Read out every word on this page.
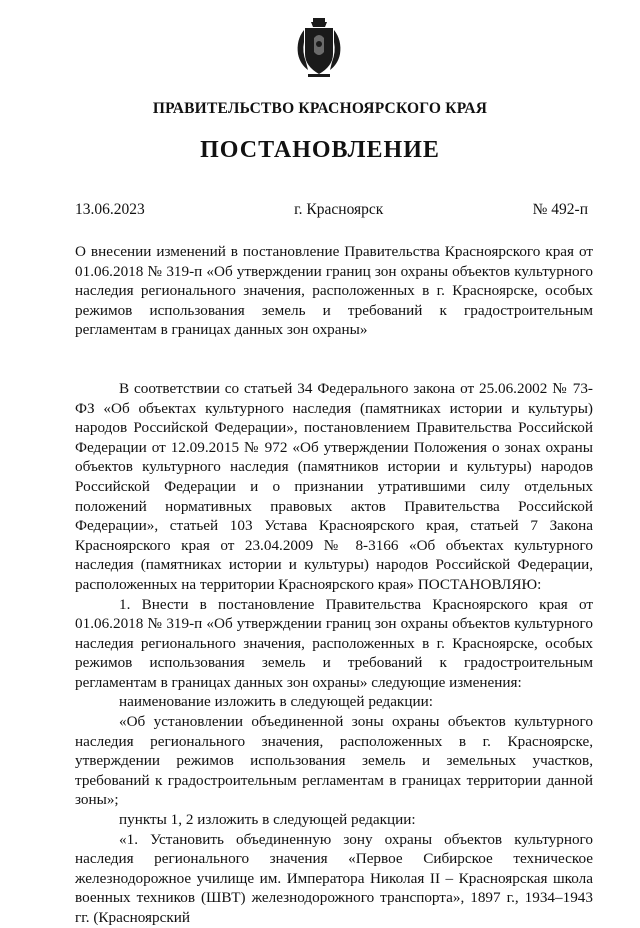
ПРАВИТЕЛЬСТВО КРАСНОЯРСКОГО КРАЯ
ПОСТАНОВЛЕНИЕ
13.06.2023	г. Красноярск	№ 492-п

О внесении изменений в постановление Правительства Красноярского края от 01.06.2018 № 319-п «Об утверждении границ зон охраны объектов культурного наследия регионального значения, расположенных в г. Красноярске, особых режимов использования земель и требований к градостроительным регламентам в границах данных зон охраны»

В соответствии со статьей 34 Федерального закона от 25.06.2002 № 73-ФЗ «Об объектах культурного наследия (памятниках истории и культуры) народов Российской Федерации», постановлением Правительства Российской Федерации от 12.09.2015 № 972 «Об утверждении Положения о зонах охраны объектов культурного наследия (памятников истории и культуры) народов Российской Федерации и о признании утратившими силу отдельных положений нормативных правовых актов Правительства Российской Федерации», статьей 103 Устава Красноярского края, статьей 7 Закона Красноярского края от 23.04.2009 № 8-3166 «Об объектах культурного наследия (памятниках истории и культуры) народов Российской Федерации, расположенных на территории Красноярского края» ПОСТАНОВЛЯЮ:

1. Внести в постановление Правительства Красноярского края от 01.06.2018 № 319-п «Об утверждении границ зон охраны объектов культурного наследия регионального значения, расположенных в г. Красноярске, особых режимов использования земель и требований к градостроительным регламентам в границах данных зон охраны» следующие изменения:

наименование изложить в следующей редакции:

«Об установлении объединенной зоны охраны объектов культурного наследия регионального значения, расположенных в г. Красноярске, утверждении режимов использования земель и земельных участков, требований к градостроительным регламентам в границах территории данной зоны»;

пункты 1, 2 изложить в следующей редакции:

«1. Установить объединенную зону охраны объектов культурного наследия регионального значения «Первое Сибирское техническое железнодорожное училище им. Императора Николая II – Красноярская школа военных техников (ШВТ) железнодорожного транспорта», 1897 г., 1934–1943 гг. (Красноярский
